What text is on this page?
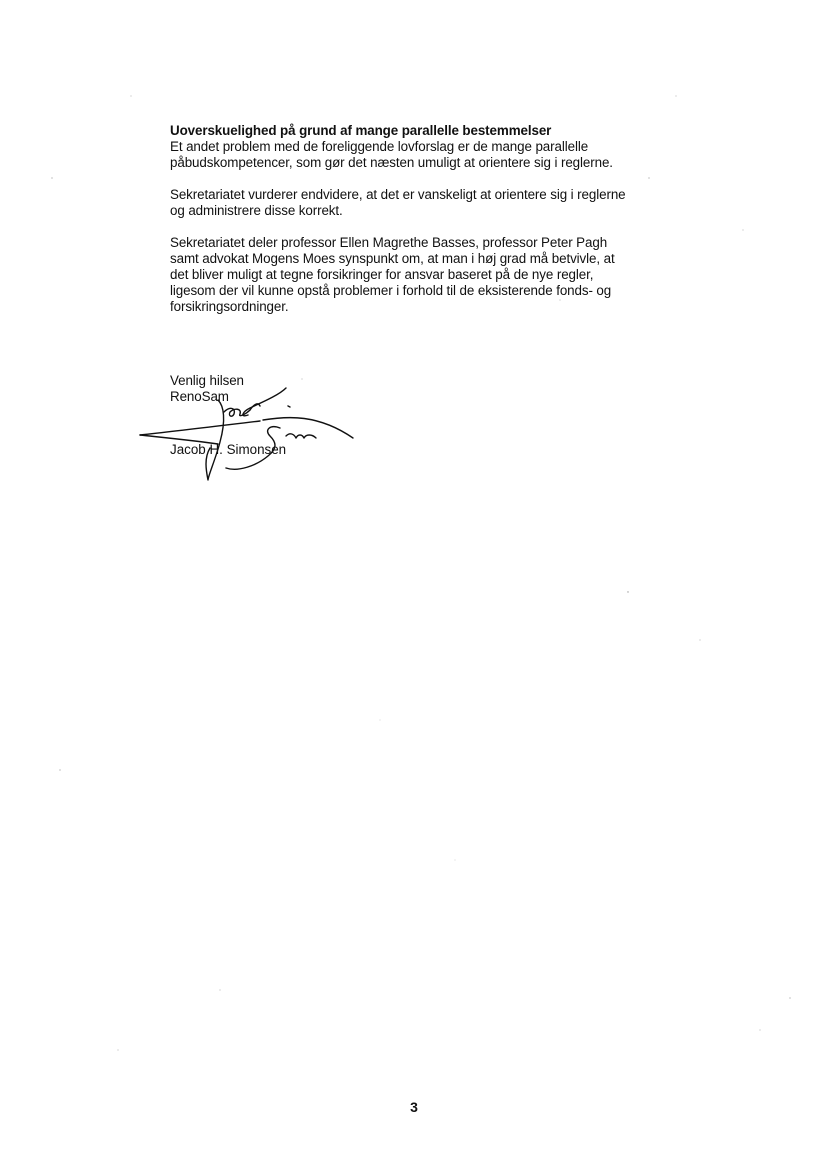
Uoverskuelighed på grund af mange parallelle bestemmelser
Et andet problem med de foreliggende lovforslag er de mange parallelle
påbudskompetencer, som gør det næsten umuligt at orientere sig i reglerne.
Sekretariatet vurderer endvidere, at det er vanskeligt at orientere sig i reglerne
og administrere disse korrekt.
Sekretariatet deler professor Ellen Magrethe Basses, professor Peter Pagh
samt advokat Mogens Moes synspunkt om, at man i høj grad må betvivle, at
det bliver muligt at tegne forsikringer for ansvar baseret på de nye regler,
ligesom der vil kunne opstå problemer i forhold til de eksisterende fonds- og
forsikringsordninger.
Venlig hilsen
RenoSam
Jacob H. Simonsen
3
